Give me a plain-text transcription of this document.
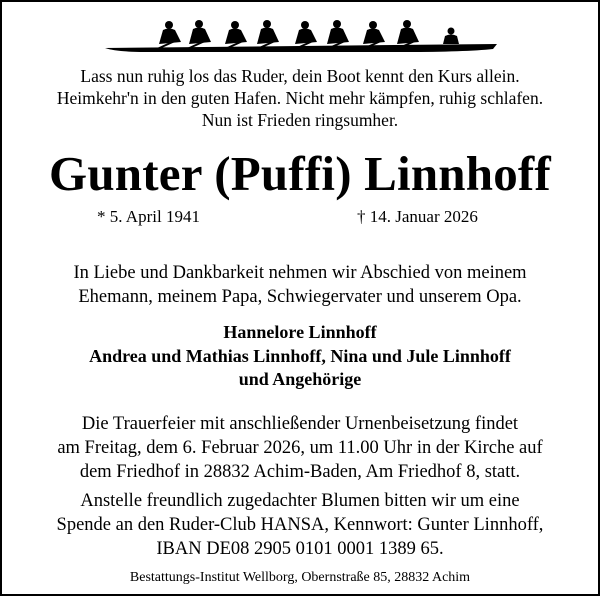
Lass nun ruhig los das Ruder, dein Boot kennt den Kurs allein.
Heimkehr'n in den guten Hafen. Nicht mehr kämpfen, ruhig schlafen.
Nun ist Frieden ringsumher.
Gunter (Puffi) Linnhoff
* 5. April 1941	† 14. Januar 2026
In Liebe und Dankbarkeit nehmen wir Abschied von meinem
Ehemann, meinem Papa, Schwiegervater und unserem Opa.
Hannelore Linnhoff
Andrea und Mathias Linnhoff, Nina und Jule Linnhoff
und Angehörige
Die Trauerfeier mit anschließender Urnenbeisetzung findet
am Freitag, dem 6. Februar 2026, um 11.00 Uhr in der Kirche auf
dem Friedhof in 28832 Achim-Baden, Am Friedhof 8, statt.
Anstelle freundlich zugedachter Blumen bitten wir um eine
Spende an den Ruder-Club HANSA, Kennwort: Gunter Linnhoff,
IBAN DE08 2905 0101 0001 1389 65.
Bestattungs-Institut Wellborg, Obernstraße 85, 28832 Achim
